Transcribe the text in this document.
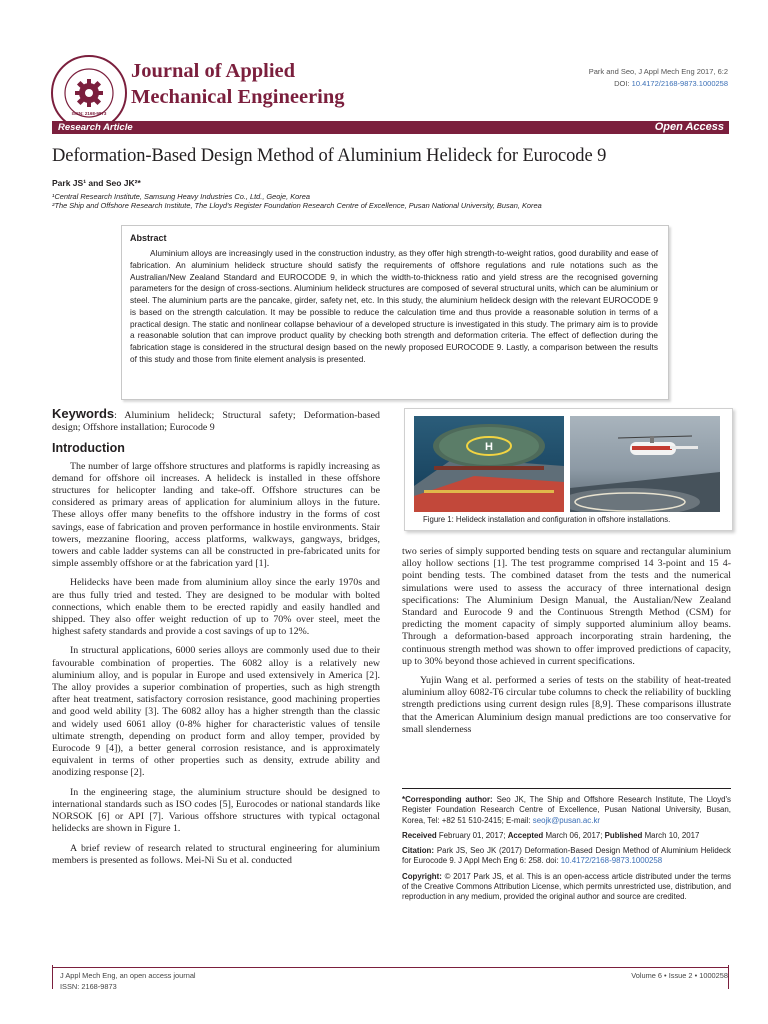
ISSN: 2168-9873
Journal of Applied
Mechanical Engineering
Park and Seo, J Appl Mech Eng 2017, 6:2
DOI: 10.4172/2168-9873.1000258
Research Article	Open Access
Deformation-Based Design Method of Aluminium Helideck for Eurocode 9
Park JS¹ and Seo JK²*
¹Central Research Institute, Samsung Heavy Industries Co., Ltd., Geoje, Korea
²The Ship and Offshore Research Institute, The Lloyd's Register Foundation Research Centre of Excellence, Pusan National University, Busan, Korea
Abstract
Aluminium alloys are increasingly used in the construction industry, as they offer high strength-to-weight ratios, good durability and ease of fabrication. An aluminium helideck structure should satisfy the requirements of offshore regulations and rule notations such as the Australian/New Zealand Standard and EUROCODE 9, in which the width-to-thickness ratio and yield stress are the recognised governing parameters for the design of cross-sections. Aluminium helideck structures are composed of several structural units, which can be aluminium or steel. The aluminium parts are the pancake, girder, safety net, etc. In this study, the aluminium helideck design with the relevant EUROCODE 9 is based on the strength calculation. It may be possible to reduce the calculation time and thus provide a reasonable solution in terms of a practical design. The static and nonlinear collapse behaviour of a developed structure is investigated in this study. The primary aim is to provide a reasonable solution that can improve product quality by checking both strength and deformation criteria. The effect of deflection during the fabrication stage is considered in the structural design based on the newly proposed EUROCODE 9. Lastly, a comparison between the results of this study and those from finite element analysis is presented.
Keywords: Aluminium helideck; Structural safety; Deformation-based design; Offshore installation; Eurocode 9
Introduction

The number of large offshore structures and platforms is rapidly increasing as demand for offshore oil increases. A helideck is installed in these offshore structures for helicopter landing and take-off. Offshore structures can be considered as primary areas of application for aluminium alloys in the future. These alloys offer many benefits to the offshore industry in the forms of cost savings, ease of fabrication and proven performance in hostile environments. Stair towers, mezzanine flooring, access platforms, walkways, gangways, bridges, towers and cable ladder systems can all be constructed in pre-fabricated units for simple assembly offshore or at the fabrication yard [1].

Helidecks have been made from aluminium alloy since the early 1970s and are thus fully tried and tested. They are designed to be modular with bolted connections, which enable them to be erected rapidly and easily handled and shipped. They also offer weight reduction of up to 70% over steel, meet the highest safety standards and provide a cost savings of up to 12%.

In structural applications, 6000 series alloys are commonly used due to their favourable combination of properties. The 6082 alloy is a relatively new aluminium alloy, and is popular in Europe and used extensively in America [2]. The alloy provides a superior combination of properties, such as high strength after heat treatment, satisfactory corrosion resistance, good machining properties and good weld ability [3]. The 6082 alloy has a higher strength than the classic and widely used 6061 alloy (0-8% higher for characteristic values of tensile ultimate strength, depending on product form and alloy temper, provided by Eurocode 9 [4]), a better general corrosion resistance, and is approximately equivalent in terms of other properties such as density, extrude ability and anodizing response [2].

In the engineering stage, the aluminium structure should be designed to international standards such as ISO codes [5], Eurocodes or national standards like NORSOK [6] or API [7]. Various offshore structures with typical octagonal helidecks are shown in Figure 1.

A brief review of research related to structural engineering for aluminium members is presented as follows. Mei-Ni Su et al. conducted

H
Figure 1: Helideck installation and configuration in offshore installations.

two series of simply supported bending tests on square and rectangular aluminium alloy hollow sections [1]. The test programme comprised 14 3-point and 15 4-point bending tests. The combined dataset from the tests and the numerical simulations were used to assess the accuracy of three international design specifications: The Aluminium Design Manual, the Austalian/New Zealand Standard and Eurocode 9 and the Continuous Strength Method (CSM) for predicting the moment capacity of simply supported aluminium alloy beams. Through a deformation-based approach incorporating strain hardening, the continuous strength method was shown to offer improved predictions of capacity, up to 30% beyond those achieved in current specifications.

Yujin Wang et al. performed a series of tests on the stability of heat-treated aluminium alloy 6082-T6 circular tube columns to check the reliability of buckling strength predictions using current design rules [8,9]. These comparisons illustrate that the American Aluminium design manual predictions are too conservative for small slenderness

*Corresponding author: Seo JK, The Ship and Offshore Research Institute, The Lloyd's Register Foundation Research Centre of Excellence, Pusan National University, Busan, Korea, Tel: +82 51 510-2415; E-mail: seojk@pusan.ac.kr

Received February 01, 2017; Accepted March 06, 2017; Published March 10, 2017

Citation: Park JS, Seo JK (2017) Deformation-Based Design Method of Aluminium Helideck for Eurocode 9. J Appl Mech Eng 6: 258. doi: 10.4172/2168-9873.1000258

Copyright: © 2017 Park JS, et al. This is an open-access article distributed under the terms of the Creative Commons Attribution License, which permits unrestricted use, distribution, and reproduction in any medium, provided the original author and source are credited.

J Appl Mech Eng, an open access journal
ISSN: 2168-9873
Volume 6 • Issue 2 • 1000258
